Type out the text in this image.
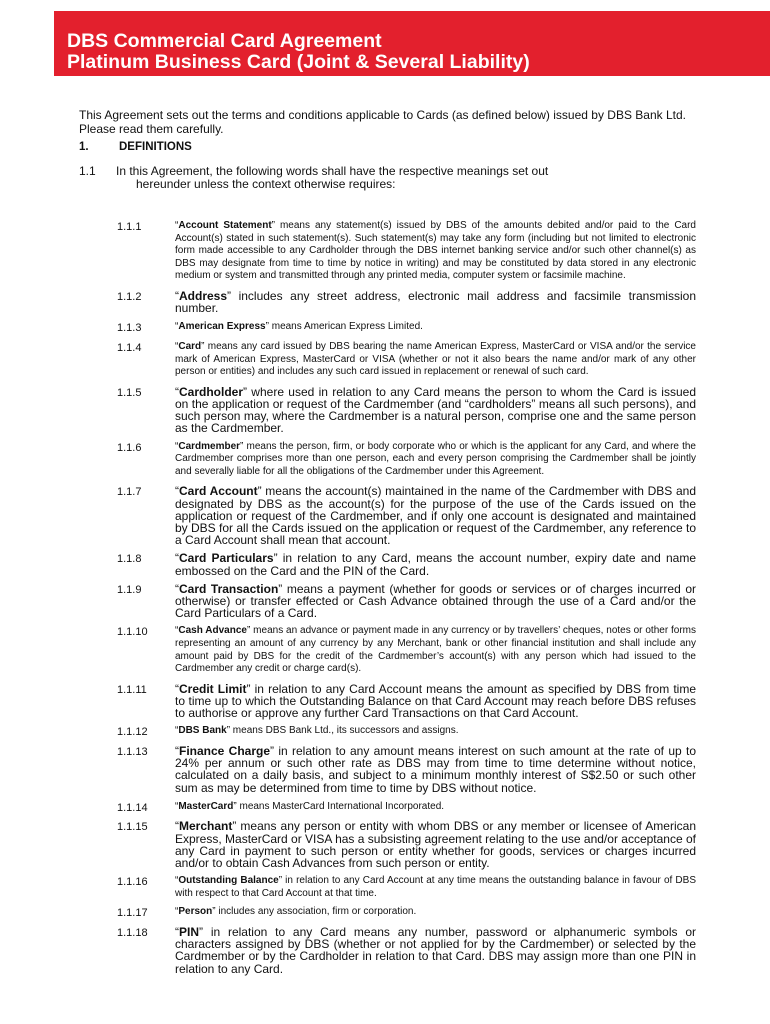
DBS Commercial Card Agreement
Platinum Business Card (Joint & Several Liability)
This Agreement sets out the terms and conditions applicable to Cards (as defined below) issued by DBS Bank Ltd. Please read them carefully.
1.	DEFINITIONS
1.1 In this Agreement, the following words shall have the respective meanings set out
hereunder unless the context otherwise requires:
1.1.1	“Account Statement” means any statement(s) issued by DBS of the amounts debited and/or paid to the Card Account(s) stated in such statement(s). Such statement(s) may take any form (including but not limited to electronic form made accessible to any Cardholder through the DBS internet banking service and/or such other channel(s) as DBS may designate from time to time by notice in writing) and may be constituted by data stored in any electronic medium or system and transmitted through any printed media, computer system or facsimile machine.
1.1.2	“Address” includes any street address, electronic mail address and facsimile transmission number.
1.1.3	“American Express” means American Express Limited.
1.1.4	“Card” means any card issued by DBS bearing the name American Express, MasterCard or VISA and/or the service mark of American Express, MasterCard or VISA (whether or not it also bears the name and/or mark of any other person or entities) and includes any such card issued in replacement or renewal of such card.
1.1.5	“Cardholder” where used in relation to any Card means the person to whom the Card is issued on the application or request of the Cardmember (and “cardholders” means all such persons), and such person may, where the Cardmember is a natural person, comprise one and the same person as the Cardmember.
1.1.6	“Cardmember” means the person, firm, or body corporate who or which is the applicant for any Card, and where the Cardmember comprises more than one person, each and every person comprising the Cardmember shall be jointly and severally liable for all the obligations of the Cardmember under this Agreement.
1.1.7	“Card Account” means the account(s) maintained in the name of the Cardmember with DBS and designated by DBS as the account(s) for the purpose of the use of the Cards issued on the application or request of the Cardmember, and if only one account is designated and maintained by DBS for all the Cards issued on the application or request of the Cardmember, any reference to a Card Account shall mean that account.
1.1.8	“Card Particulars” in relation to any Card, means the account number, expiry date and name embossed on the Card and the PIN of the Card.
1.1.9	“Card Transaction” means a payment (whether for goods or services or of charges incurred or otherwise) or transfer effected or Cash Advance obtained through the use of a Card and/or the Card Particulars of a Card.
1.1.10	“Cash Advance” means an advance or payment made in any currency or by travellers’ cheques, notes or other forms representing an amount of any currency by any Merchant, bank or other financial institution and shall include any amount paid by DBS for the credit of the Cardmember’s account(s) with any person which had issued to the Cardmember any credit or charge card(s).
1.1.11	“Credit Limit” in relation to any Card Account means the amount as specified by DBS from time to time up to which the Outstanding Balance on that Card Account may reach before DBS refuses to authorise or approve any further Card Transactions on that Card Account.
1.1.12	“DBS Bank” means DBS Bank Ltd., its successors and assigns.
1.1.13	“Finance Charge” in relation to any amount means interest on such amount at the rate of up to 24% per annum or such other rate as DBS may from time to time determine without notice, calculated on a daily basis, and subject to a minimum monthly interest of S$2.50 or such other sum as may be determined from time to time by DBS without notice.
1.1.14	“MasterCard” means MasterCard International Incorporated.
1.1.15	“Merchant” means any person or entity with whom DBS or any member or licensee of American Express, MasterCard or VISA has a subsisting agreement relating to the use and/or acceptance of any Card in payment to such person or entity whether for goods, services or charges incurred and/or to obtain Cash Advances from such person or entity.
1.1.16	“Outstanding Balance” in relation to any Card Account at any time means the outstanding balance in favour of DBS with respect to that Card Account at that time.
1.1.17	“Person” includes any association, firm or corporation.
1.1.18	“PIN” in relation to any Card means any number, password or alphanumeric symbols or characters assigned by DBS (whether or not applied for by the Cardmember) or selected by the Cardmember or by the Cardholder in relation to that Card. DBS may assign more than one PIN in relation to any Card.
